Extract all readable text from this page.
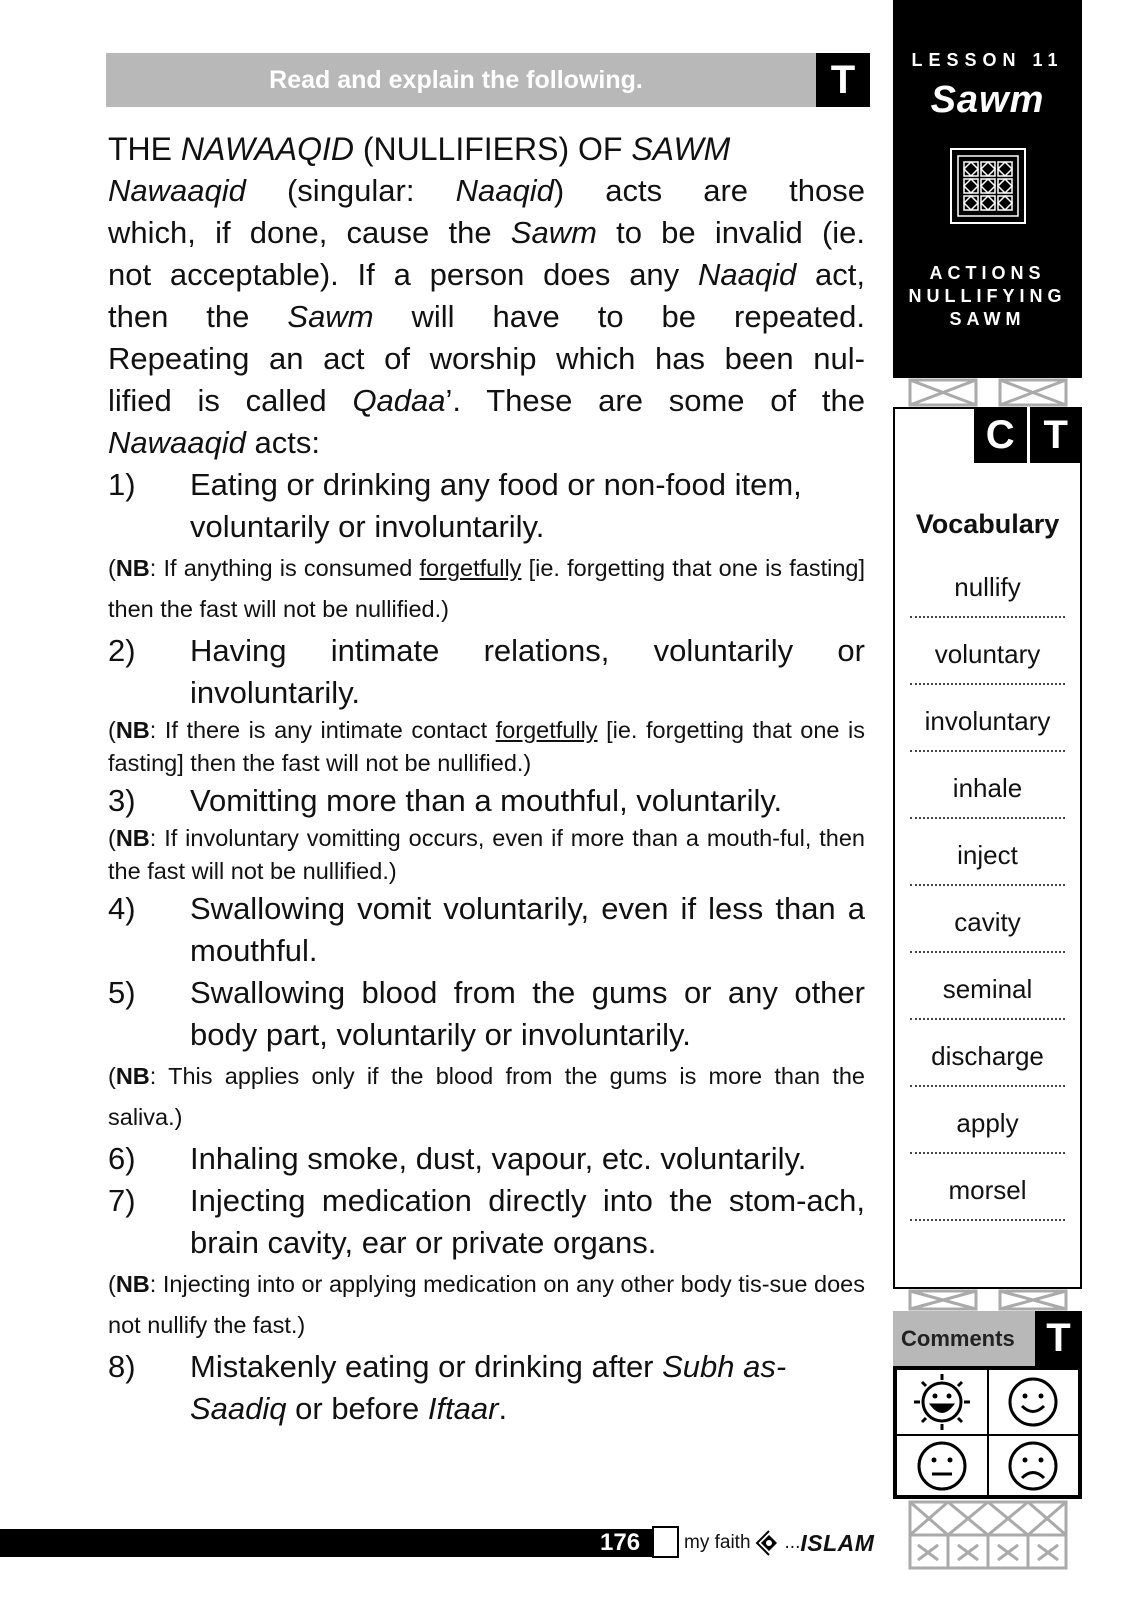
Read and explain the following.	T

THE NAWAAQID (NULLIFIERS) OF SAWM

Nawaaqid (singular: Naaqid) acts are those

which, if done, cause the Sawm to be invalid (ie.

not acceptable). If a person does any Naaqid act,

then the Sawm will have to be repeated.

Repeating an act of worship which has been nul-

lified is called Qadaa’. These are some of the

Nawaaqid acts:

1)	Eating or drinking any food or non-food item, voluntarily or involuntarily.

(NB: If anything is consumed forgetfully [ie. forgetting that one is fasting] then the fast will not be nullified.)

2)	Having intimate relations, voluntarily or involuntarily.

(NB: If there is any intimate contact forgetfully [ie. forgetting that one is fasting] then the fast will not be nullified.)

3)	Vomitting more than a mouthful, voluntarily.

(NB: If involuntary vomitting occurs, even if more than a mouth-ful, then the fast will not be nullified.)

4)	Swallowing vomit voluntarily, even if less than a mouthful.
5)	Swallowing blood from the gums or any other body part, voluntarily or involuntarily.

(NB: This applies only if the blood from the gums is more than the saliva.)

6)	Inhaling smoke, dust, vapour, etc. voluntarily.
7)	Injecting medication directly into the stom-ach, brain cavity, ear or private organs.

(NB: Injecting into or applying medication on any other body tis-sue does not nullify the fast.)

8)	Mistakenly eating or drinking after Subh as-Saadiq or before Iftaar.
LESSON 11
Sawm
ACTIONS
NULLIFYING
SAWM
C T
Vocabulary
nullify
voluntary
involuntary
inhale
inject
cavity
seminal
discharge
apply
morsel
Comments T
176 my faith ... ISLAM
